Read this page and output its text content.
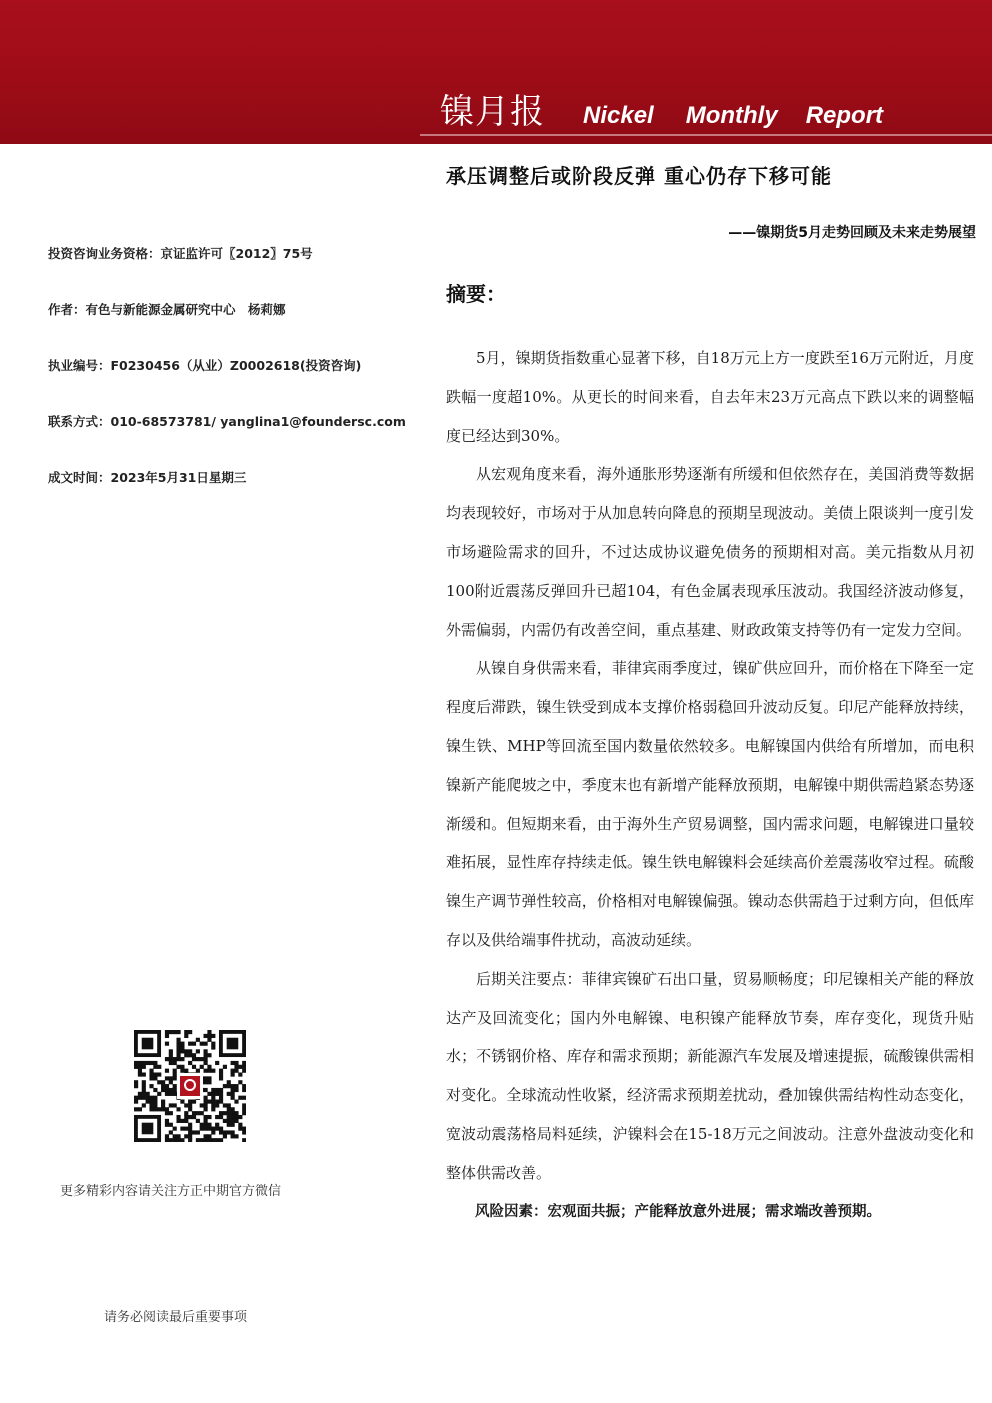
镍月报 Nickel Monthly Report
承压调整后或阶段反弹 重心仍存下移可能
——镍期货5月走势回顾及未来走势展望
投资咨询业务资格：京证监许可〖2012〗75号
作者：有色与新能源金属研究中心　杨莉娜
执业编号：F0230456（从业）Z0002618(投资咨询)
联系方式：010-68573781/ yanglina1@foundersc.com
成文时间：2023年5月31日星期三
摘要：

5月，镍期货指数重心显著下移，自18万元上方一度跌至16万元附近，月度跌幅一度超10%。从更长的时间来看，自去年末23万元高点下跌以来的调整幅度已经达到30%。

从宏观角度来看，海外通胀形势逐渐有所缓和但依然存在，美国消费等数据均表现较好，市场对于从加息转向降息的预期呈现波动。美债上限谈判一度引发市场避险需求的回升，不过达成协议避免债务的预期相对高。美元指数从月初100附近震荡反弹回升已超104，有色金属表现承压波动。我国经济波动修复，外需偏弱，内需仍有改善空间，重点基建、财政政策支持等仍有一定发力空间。

从镍自身供需来看，菲律宾雨季度过，镍矿供应回升，而价格在下降至一定程度后滞跌，镍生铁受到成本支撑价格弱稳回升波动反复。印尼产能释放持续，镍生铁、MHP等回流至国内数量依然较多。电解镍国内供给有所增加，而电积镍新产能爬坡之中，季度末也有新增产能释放预期，电解镍中期供需趋紧态势逐渐缓和。但短期来看，由于海外生产贸易调整，国内需求问题，电解镍进口量较难拓展，显性库存持续走低。镍生铁电解镍料会延续高价差震荡收窄过程。硫酸镍生产调节弹性较高，价格相对电解镍偏强。镍动态供需趋于过剩方向，但低库存以及供给端事件扰动，高波动延续。

后期关注要点：菲律宾镍矿石出口量，贸易顺畅度；印尼镍相关产能的释放达产及回流变化；国内外电解镍、电积镍产能释放节奏，库存变化，现货升贴水；不锈钢价格、库存和需求预期；新能源汽车发展及增速提振，硫酸镍供需相对变化。全球流动性收紧，经济需求预期差扰动，叠加镍供需结构性动态变化，宽波动震荡格局料延续，沪镍料会在15-18万元之间波动。注意外盘波动变化和整体供需改善。

风险因素：宏观面共振；产能释放意外进展；需求端改善预期。

更多精彩内容请关注方正中期官方微信
请务必阅读最后重要事项
